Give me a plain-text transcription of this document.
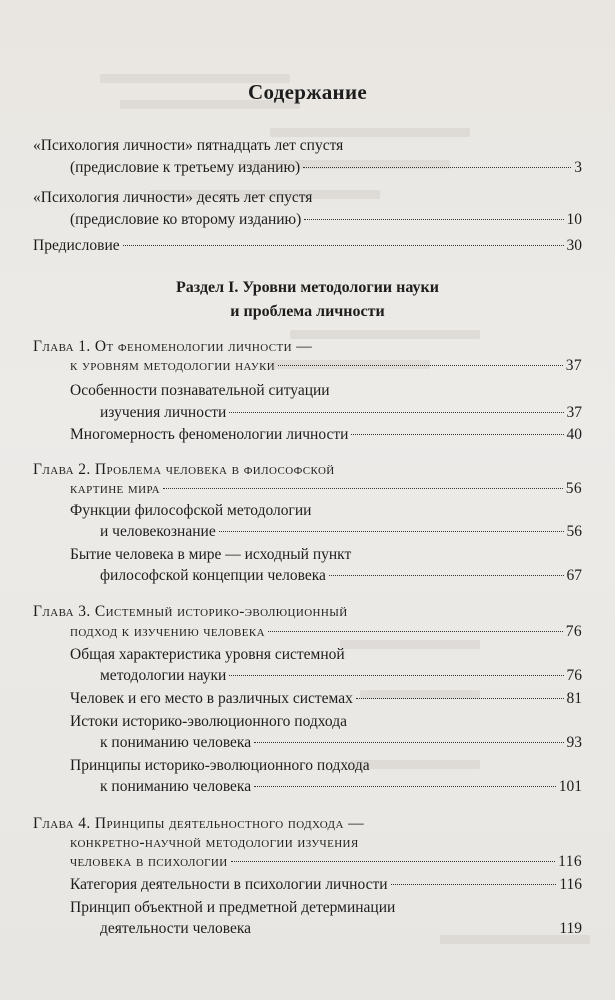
Содержание
«Психология личности» пятнадцать лет спустя
(предисловие к третьему изданию)	3
«Психология личности» десять лет спустя
(предисловие ко второму изданию)	10
Предисловие	30
Раздел I. Уровни методологии науки
и проблема личности
Глава 1. От феноменологии личности —
к уровням методологии науки	37
Особенности познавательной ситуации
изучения личности	37
Многомерность феноменологии личности	40
Глава 2. Проблема человека в философской
картине мира	56
Функции философской методологии
и человекознание	56
Бытие человека в мире — исходный пункт
философской концепции человека	67
Глава 3. Системный историко-эволюционный
подход к изучению человека	76
Общая характеристика уровня системной
методологии науки	76
Человек и его место в различных системах	81
Истоки историко-эволюционного подхода
к пониманию человека	93
Принципы историко-эволюционного подхода
к пониманию человека	101
Глава 4. Принципы деятельностного подхода —
конкретно-научной методологии изучения
человека в психологии	116
Категория деятельности в психологии личности	116
Принцип объектной и предметной детерминации
деятельности человека	119
